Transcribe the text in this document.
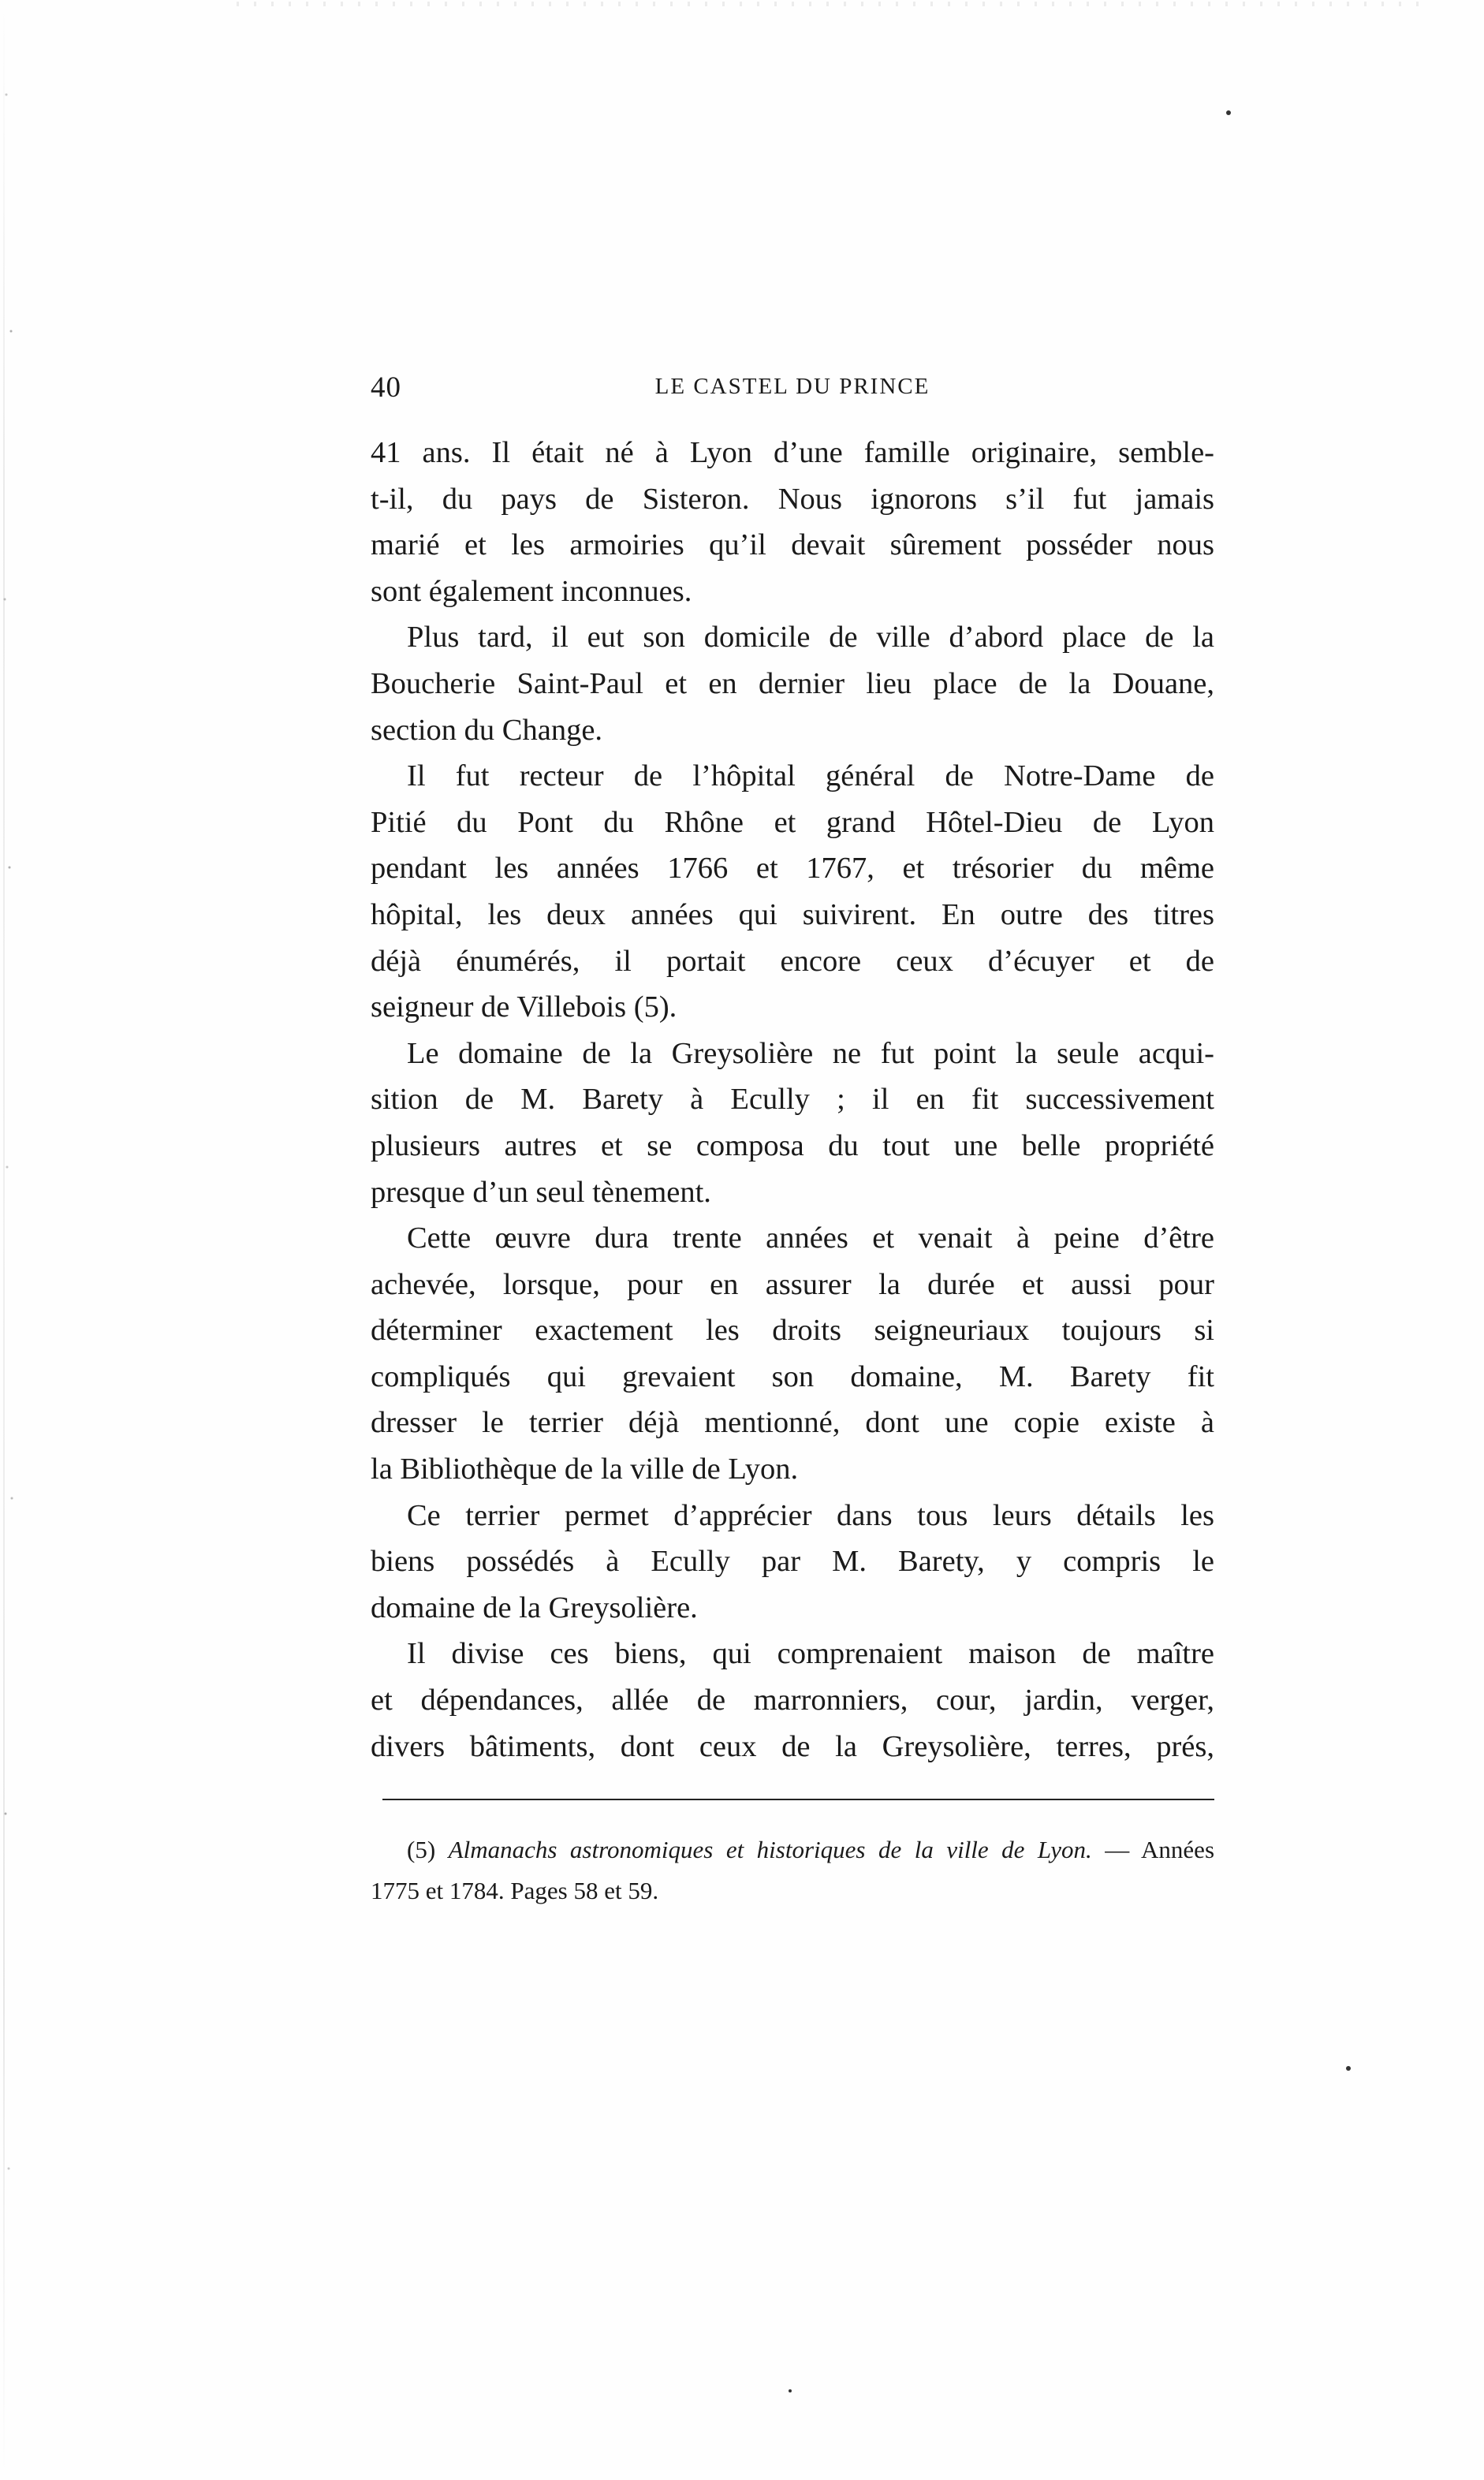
40	LE CASTEL DU PRINCE
41 ans. Il était né à Lyon d’une famille originaire, semble-
t-il, du pays de Sisteron. Nous ignorons s’il fut jamais
marié et les armoiries qu’il devait sûrement posséder nous
sont également inconnues.
Plus tard, il eut son domicile de ville d’abord place de la
Boucherie Saint-Paul et en dernier lieu place de la Douane,
section du Change.
Il fut recteur de l’hôpital général de Notre-Dame de
Pitié du Pont du Rhône et grand Hôtel-Dieu de Lyon
pendant les années 1766 et 1767, et trésorier du même
hôpital, les deux années qui suivirent. En outre des titres
déjà énumérés, il portait encore ceux d’écuyer et de
seigneur de Villebois (5).
Le domaine de la Greysolière ne fut point la seule acqui-
sition de M. Barety à Ecully ; il en fit successivement
plusieurs autres et se composa du tout une belle propriété
presque d’un seul tènement.
Cette œuvre dura trente années et venait à peine d’être
achevée, lorsque, pour en assurer la durée et aussi pour
déterminer exactement les droits seigneuriaux toujours si
compliqués qui grevaient son domaine, M. Barety fit
dresser le terrier déjà mentionné, dont une copie existe à
la Bibliothèque de la ville de Lyon.
Ce terrier permet d’apprécier dans tous leurs détails les
biens possédés à Ecully par M. Barety, y compris le
domaine de la Greysolière.
Il divise ces biens, qui comprenaient maison de maître
et dépendances, allée de marronniers, cour, jardin, verger,
divers bâtiments, dont ceux de la Greysolière, terres, prés,
(5) Almanachs astronomiques et historiques de la ville de Lyon. — Années
1775 et 1784. Pages 58 et 59.
